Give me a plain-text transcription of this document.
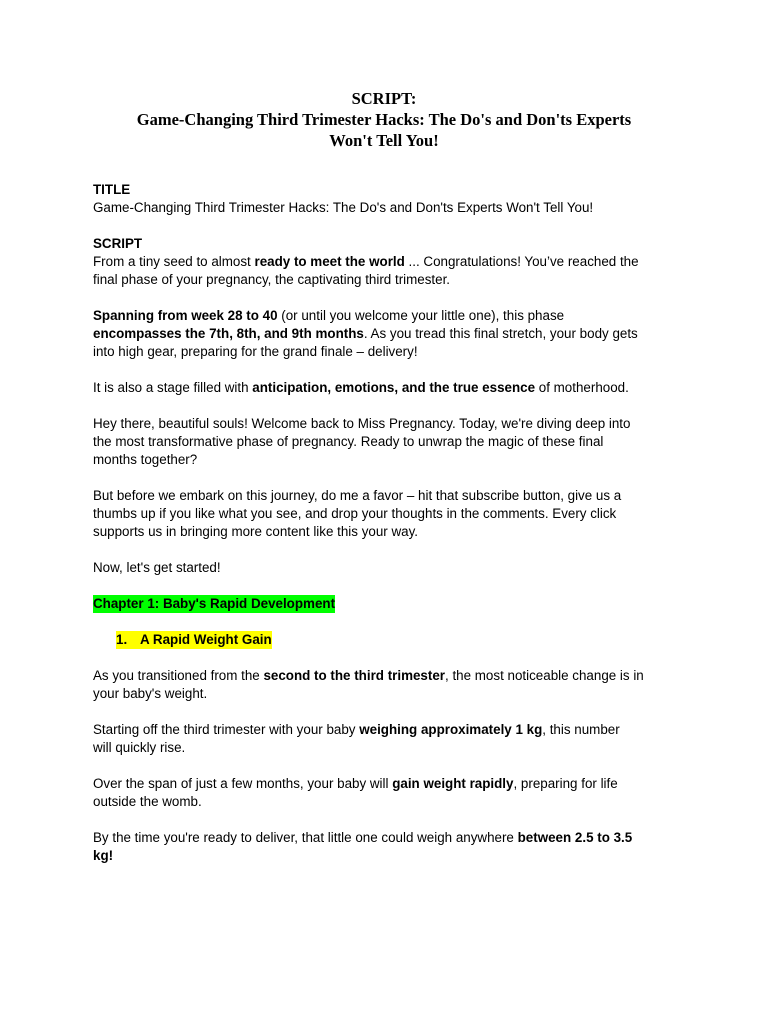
SCRIPT:
Game-Changing Third Trimester Hacks: The Do's and Don'ts Experts
Won't Tell You!

TITLE

Game-Changing Third Trimester Hacks: The Do's and Don'ts Experts Won't Tell You!

SCRIPT

From a tiny seed to almost ready to meet the world ... Congratulations! You’ve reached the
final phase of your pregnancy, the captivating third trimester.

Spanning from week 28 to 40 (or until you welcome your little one), this phase
encompasses the 7th, 8th, and 9th months. As you tread this final stretch, your body gets
into high gear, preparing for the grand finale – delivery!

It is also a stage filled with anticipation, emotions, and the true essence of motherhood.

Hey there, beautiful souls! Welcome back to Miss Pregnancy. Today, we're diving deep into
the most transformative phase of pregnancy. Ready to unwrap the magic of these final
months together?

But before we embark on this journey, do me a favor – hit that subscribe button, give us a
thumbs up if you like what you see, and drop your thoughts in the comments. Every click
supports us in bringing more content like this your way.

Now, let's get started!

Chapter 1: Baby's Rapid Development

1. A Rapid Weight Gain

As you transitioned from the second to the third trimester, the most noticeable change is in
your baby's weight.

Starting off the third trimester with your baby weighing approximately 1 kg, this number
will quickly rise.

Over the span of just a few months, your baby will gain weight rapidly, preparing for life
outside the womb.

By the time you're ready to deliver, that little one could weigh anywhere between 2.5 to 3.5
kg!
